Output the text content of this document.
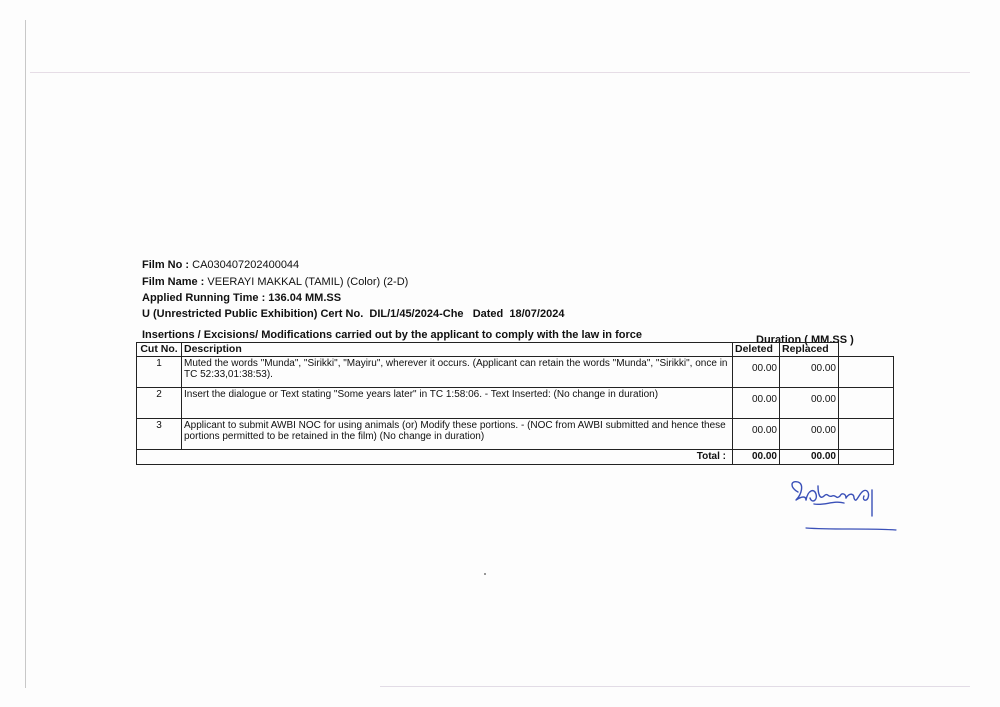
Film No : CA030407202400044
Film Name : VEERAYI MAKKAL (TAMIL) (Color) (2-D)
Applied Running Time : 136.04 MM.SS
U (Unrestricted Public Exhibition) Cert No. DIL/1/45/2024-Che Dated 18/07/2024
Insertions / Excisions/ Modifications carried out by the applicant to comply with the law in force	Duration ( MM.SS )
Cut No.	Description	Deleted	Replaced	
1	Muted the words "Munda", "Sirikki", "Mayiru", wherever it occurs. (Applicant can retain the words "Munda", "Sirikki", once in TC 52:33,01:38:53).	00.00	00.00	
2	Insert the dialogue or Text stating "Some years later" in TC 1:58:06. - Text Inserted: (No change in duration)	00.00	00.00	
3	Applicant to submit AWBI NOC for using animals (or) Modify these portions. - (NOC from AWBI submitted and hence these portions permitted to be retained in the film) (No change in duration)	00.00	00.00	
Total :		00.00	00.00	
